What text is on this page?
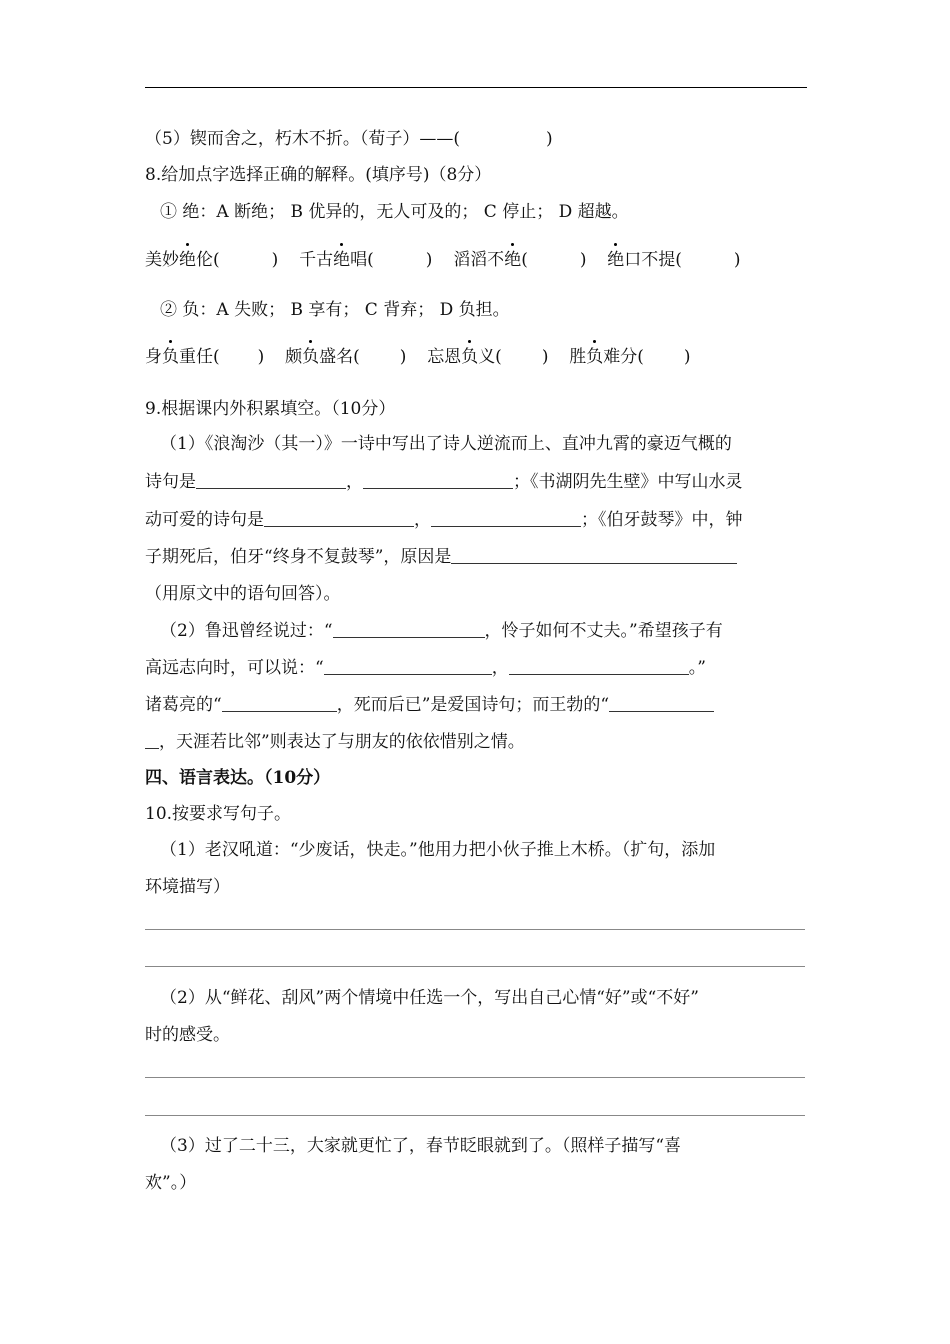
（5）锲而舍之，朽木不折。（荀子）——(	)
8.给加点字选择正确的解释。(填序号)（8分）
① 绝：A 断绝； B 优异的，无人可及的； C 停止； D 超越。
美妙绝伦(	) 千古绝唱(	) 滔滔不绝(	) 绝口不提(	)
② 负：A 失败； B 享有； C 背弃； D 负担。
身负重任( ) 颇负盛名( ) 忘恩负义( ) 胜负难分( )
9.根据课内外积累填空。（10分）
（1）《浪淘沙（其一）》一诗中写出了诗人逆流而上、直冲九霄的豪迈气概的
诗句是	，	；《书湖阴先生壁》中写山水灵
动可爱的诗句是	，	；《伯牙鼓琴》中，钟
子期死后，伯牙“终身不复鼓琴”，原因是
（用原文中的语句回答）。
（2）鲁迅曾经说过：“	，怜子如何不丈夫。”希望孩子有
高远志向时，可以说：“	，	。”
诸葛亮的“	，死而后已”是爱国诗句；而王勃的“
，天涯若比邻”则表达了与朋友的依依惜别之情。
四、语言表达。（10分）
10.按要求写句子。
（1）老汉吼道：“少废话，快走。”他用力把小伙子推上木桥。（扩句，添加
环境描写）
（2）从“鲜花、刮风”两个情境中任选一个，写出自己心情“好”或“不好”
时的感受。
（3）过了二十三，大家就更忙了，春节眨眼就到了。（照样子描写“喜
欢”。）
